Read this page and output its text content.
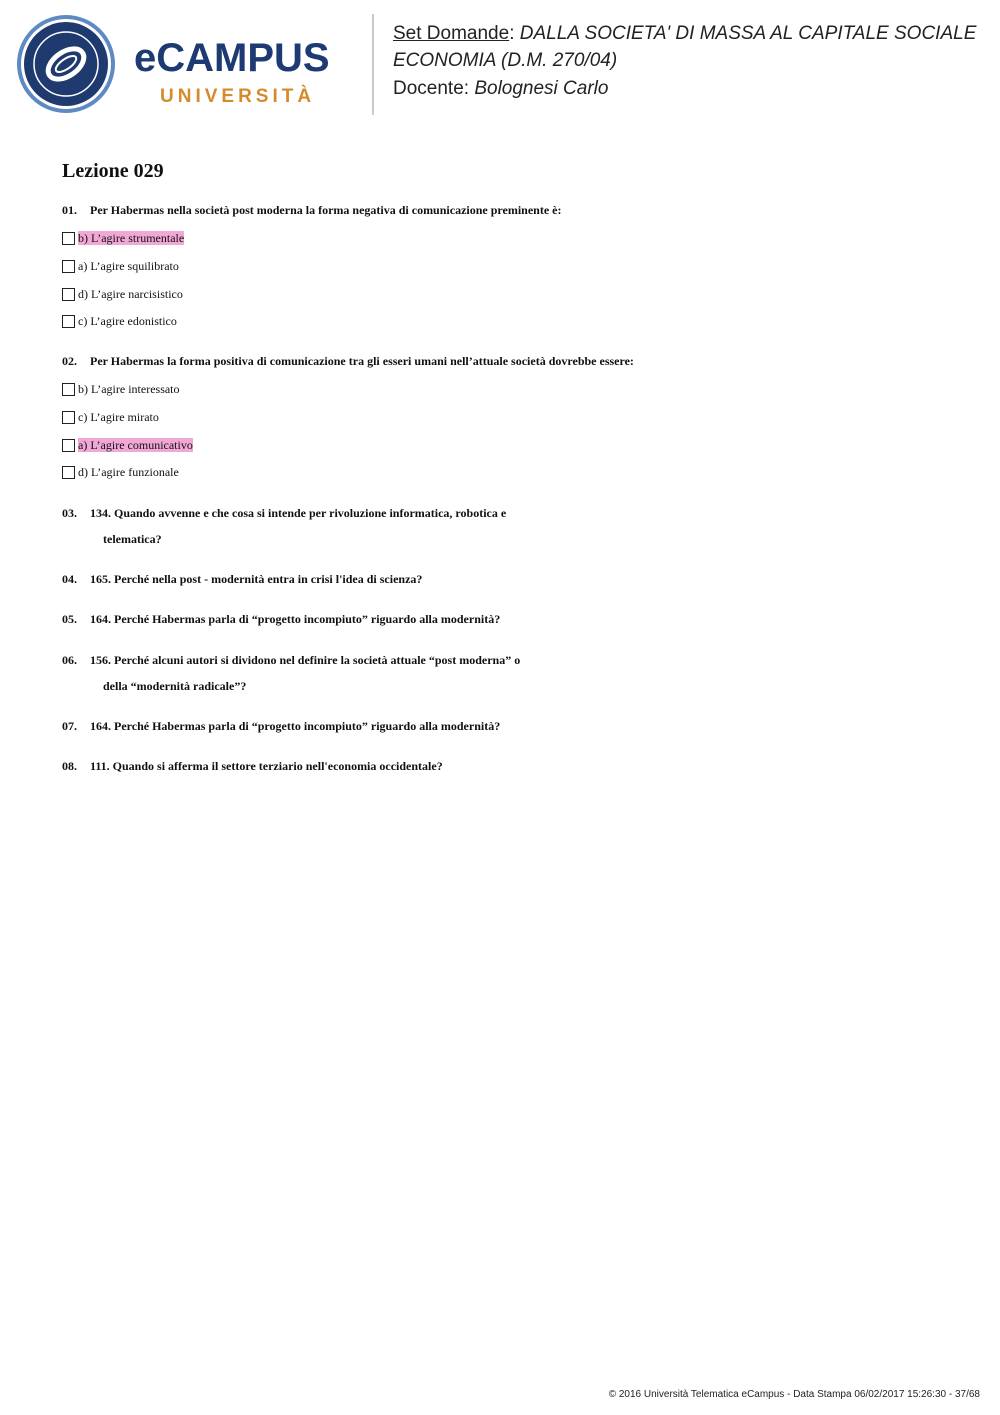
eCAMPUS
UNIVERSITÀ
Set Domande: DALLA SOCIETA' DI MASSA AL CAPITALE SOCIALE
ECONOMIA (D.M. 270/04)
Docente: Bolognesi Carlo
Lezione 029
01. Per Habermas nella società post moderna la forma negativa di comunicazione preminente è:
b) L’agire strumentale
a) L’agire squilibrato
d) L’agire narcisistico
c) L’agire edonistico
02. Per Habermas la forma positiva di comunicazione tra gli esseri umani nell’attuale società dovrebbe essere:
b) L’agire interessato
c) L’agire mirato
a) L’agire comunicativo
d) L’agire funzionale
03. 134. Quando avvenne e che cosa si intende per rivoluzione informatica, robotica e
telematica?
04. 165. Perché nella post - modernità entra in crisi l'idea di scienza?
05. 164. Perché Habermas parla di “progetto incompiuto” riguardo alla modernità?
06. 156. Perché alcuni autori si dividono nel definire la società attuale “post moderna” o
della “modernità radicale”?
07. 164. Perché Habermas parla di “progetto incompiuto” riguardo alla modernità?
08. 111. Quando si afferma il settore terziario nell'economia occidentale?
© 2016 Università Telematica eCampus - Data Stampa 06/02/2017 15:26:30 - 37/68
